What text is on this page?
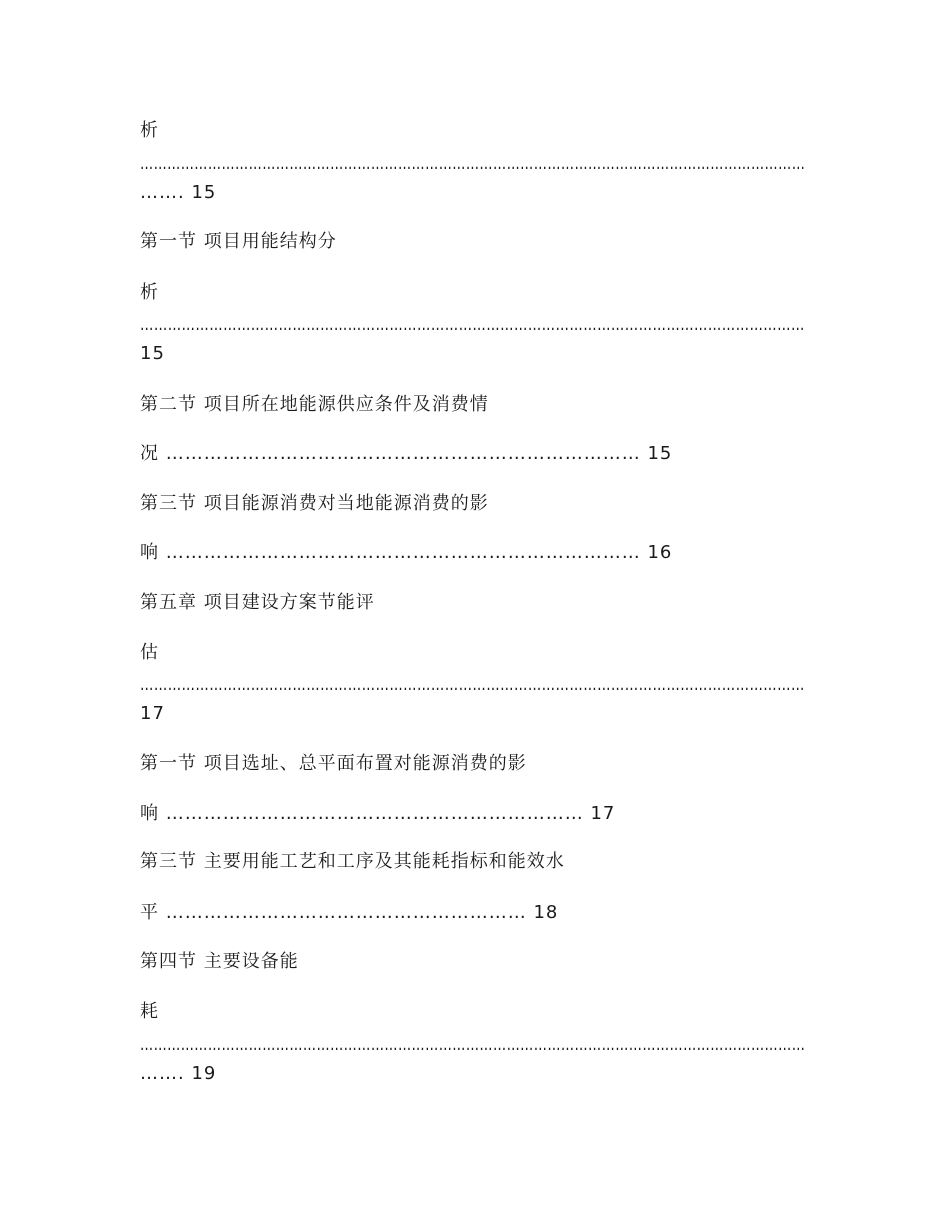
析
…………………………………………………………………………………………………………………………………
……. 15
第一节 项目用能结构分
析
………………………………………………………………………………………………………………………………
15
第二节 项目所在地能源供应条件及消费情
况 ………………………………………………………………… 15
第三节 项目能源消费对当地能源消费的影
响 ………………………………………………………………… 16
第五章 项目建设方案节能评
估
………………………………………………………………………………………………………………………………
17
第一节 项目选址、总平面布置对能源消费的影
响 ………………………………………………………… 17
第三节 主要用能工艺和工序及其能耗指标和能效水
平 ………………………………………………… 18
第四节 主要设备能
耗
…………………………………………………………………………………………………………………………………
……. 19
